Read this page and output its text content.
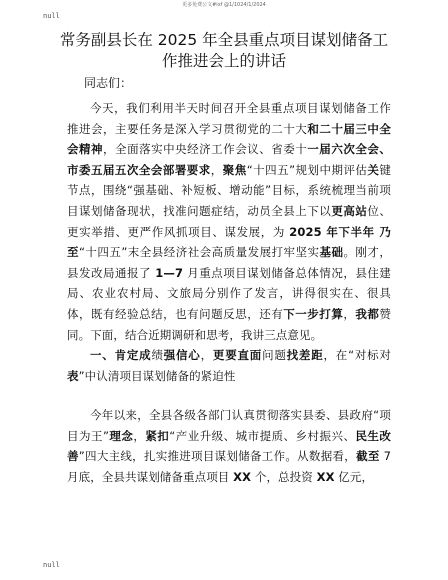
更多免费公文#ixf @1/1024/1/2024
null
常务副县长在 2025 年全县重点项目谋划储备工作推进会上的讲话
同志们：
今天，我们利用半天时间召开全县重点项目谋划储备工作推进会，主要任务是深入学习贯彻党的二十大和二十届三中全会精神，全面落实中央经济工作会议、省委十一届六次全会、市委五届五次全会部署要求，聚焦“十四五”规划中期评估关键节点，围绕“强基础、补短板、增动能”目标，系统梳理当前项目谋划储备现状，找准问题症结，动员全县上下以更高站位、更实举措、更严作风抓项目、谋发展，为 2025 年下半年 乃至“十四五”末全县经济社会高质量发展打牢坚实基础。刚才，县发改局通报了 1—7 月重点项目谋划储备总体情况，县住建局、农业农村局、文旅局分别作了发言，讲得很实在、很具体，既有经验总结，也有问题反思，还有下一步打算，我都赞同。下面，结合近期调研和思考，我讲三点意见。
一、肯定成绩强信心，更要直面问题找差距，在“对标对表”中认清项目谋划储备的紧迫性
今年以来，全县各级各部门认真贯彻落实县委、县政府“项目为王”理念，紧扣“产业升级、城市提质、乡村振兴、民生改善”四大主线，扎实推进项目谋划储备工作。从数据看，截至 7 月底，全县共谋划储备重点项目 XX 个，总投资 XX 亿元，
null
